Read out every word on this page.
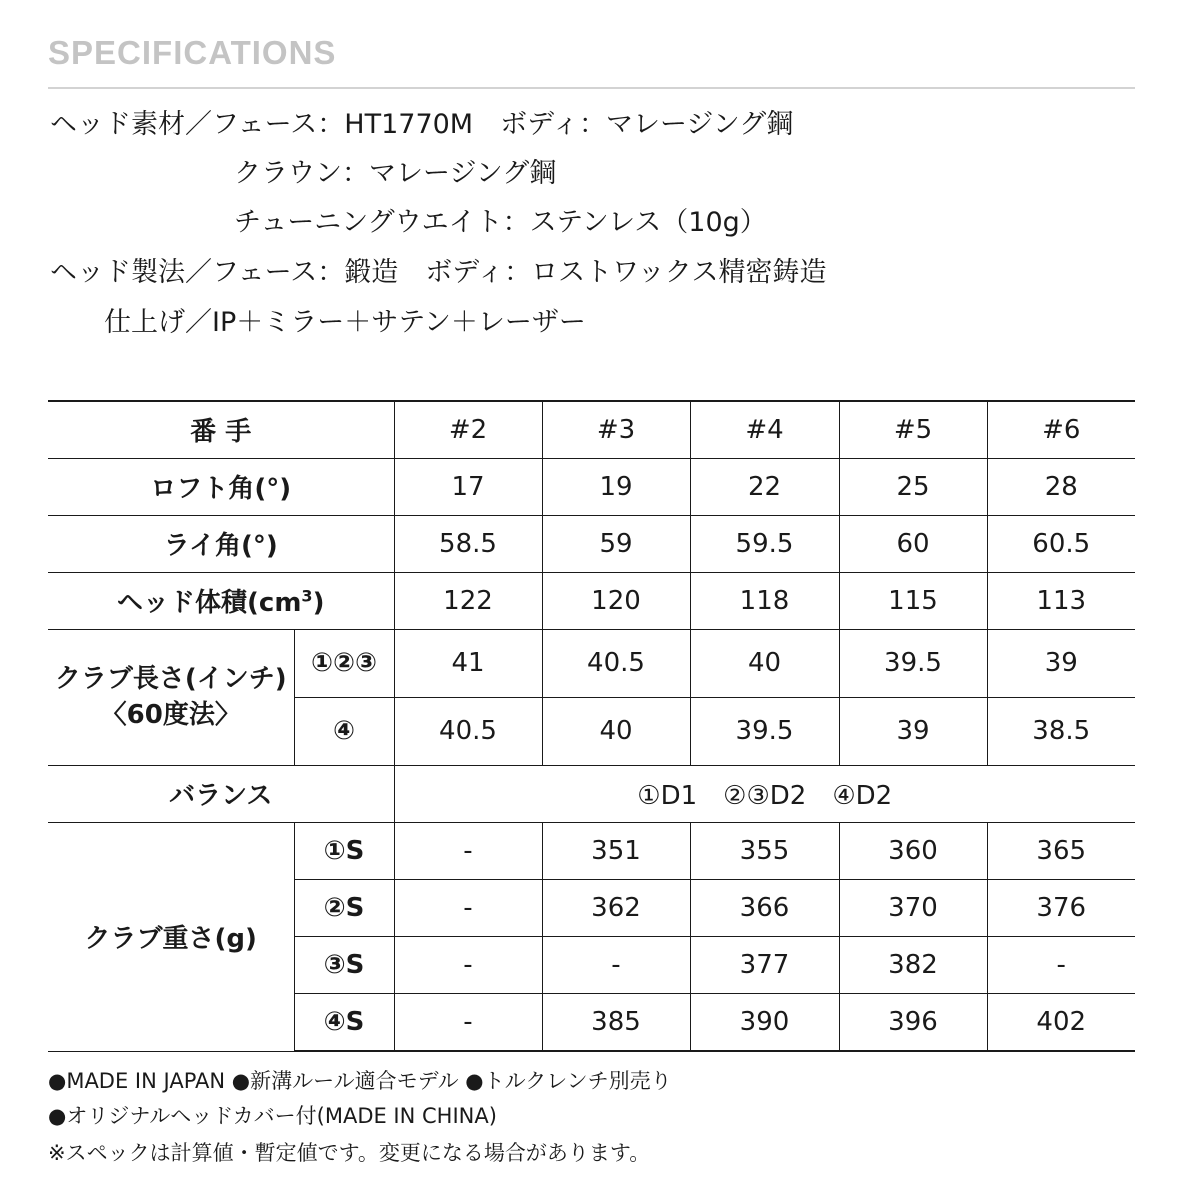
SPECIFICATIONS
ヘッド素材／フェース：HT1770M　ボディ：マレージング鋼
クラウン：マレージング鋼
チューニングウエイト：ステンレス（10g）
ヘッド製法／フェース：鍛造　ボディ：ロストワックス精密鋳造
仕上げ／IP＋ミラー＋サテン＋レーザー
番 手		#2	#3	#4	#5	#6
ロフト角(°)		17	19	22	25	28
ライ角(°)		58.5	59	59.5	60	60.5
ヘッド体積$(cm^3)$		122	120	118	115	113
クラブ長さ(インチ)
〈60度法〉	①②③	41	40.5	40	39.5	39
	④	40.5	40	39.5	39	38.5
バランス		①D1　②③D2　④D2				
クラブ重さ(g)	①S	-	351	355	360	365
	②S	-	362	366	370	376
	③S	-	-	377	382	-
	④S	-	385	390	396	402
●MADE IN JAPAN ●新溝ルール適合モデル ●トルクレンチ別売り
●オリジナルヘッドカバー付(MADE IN CHINA)
※スペックは計算値・暫定値です。変更になる場合があります。
